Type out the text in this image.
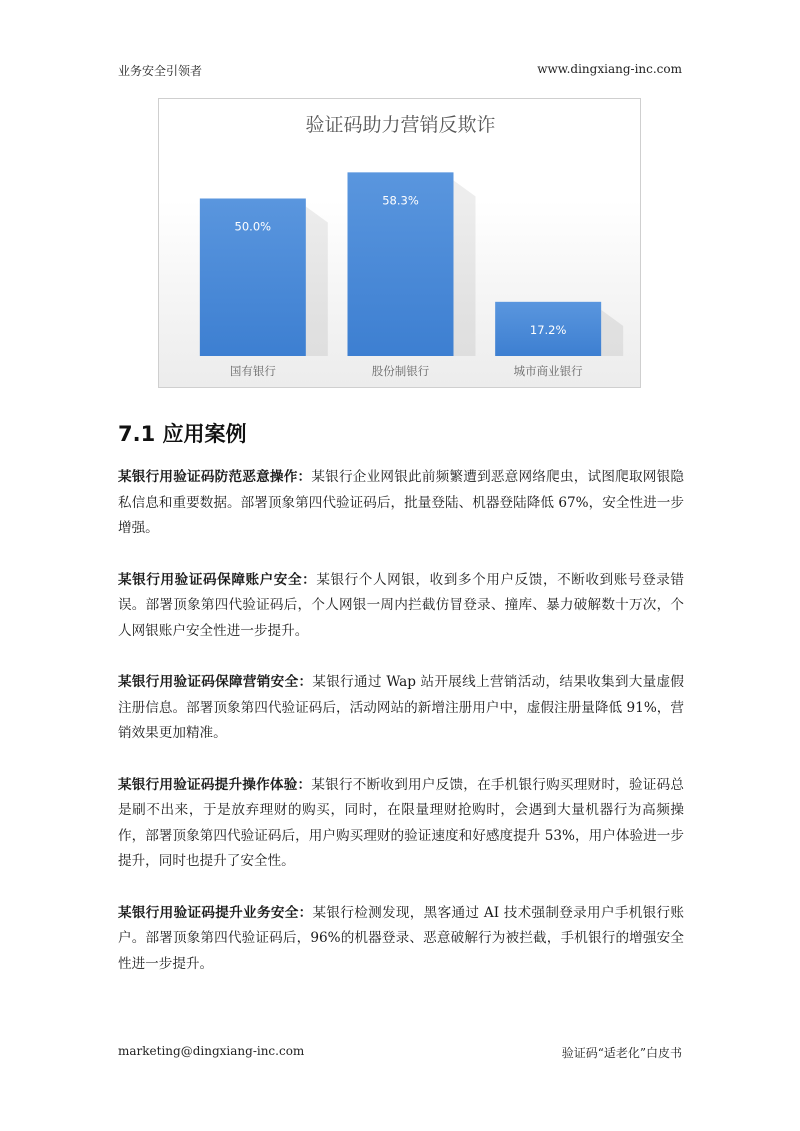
业务安全引领者	www.dingxiang-inc.com
验证码助力营销反欺诈
50.0%
国有银行
58.3%
股份制银行
17.2%
城市商业银行
7.1 应用案例

某银行用验证码防范恶意操作：某银行企业网银此前频繁遭到恶意网络爬虫，试图爬取网银隐私信息和重要数据。部署顶象第四代验证码后，批量登陆、机器登陆降低 67%，安全性进一步增强。

某银行用验证码保障账户安全：某银行个人网银，收到多个用户反馈，不断收到账号登录错误。部署顶象第四代验证码后，个人网银一周内拦截仿冒登录、撞库、暴力破解数十万次，个人网银账户安全性进一步提升。

某银行用验证码保障营销安全：某银行通过 Wap 站开展线上营销活动，结果收集到大量虚假注册信息。部署顶象第四代验证码后，活动网站的新增注册用户中，虚假注册量降低 91%，营销效果更加精准。

某银行用验证码提升操作体验：某银行不断收到用户反馈，在手机银行购买理财时，验证码总是刷不出来，于是放弃理财的购买，同时，在限量理财抢购时，会遇到大量机器行为高频操作，部署顶象第四代验证码后，用户购买理财的验证速度和好感度提升 53%，用户体验进一步提升，同时也提升了安全性。

某银行用验证码提升业务安全：某银行检测发现，黑客通过 AI 技术强制登录用户手机银行账户。部署顶象第四代验证码后，96%的机器登录、恶意破解行为被拦截，手机银行的增强安全性进一步提升。

marketing@dingxiang-inc.com	验证码“适老化”白皮书
